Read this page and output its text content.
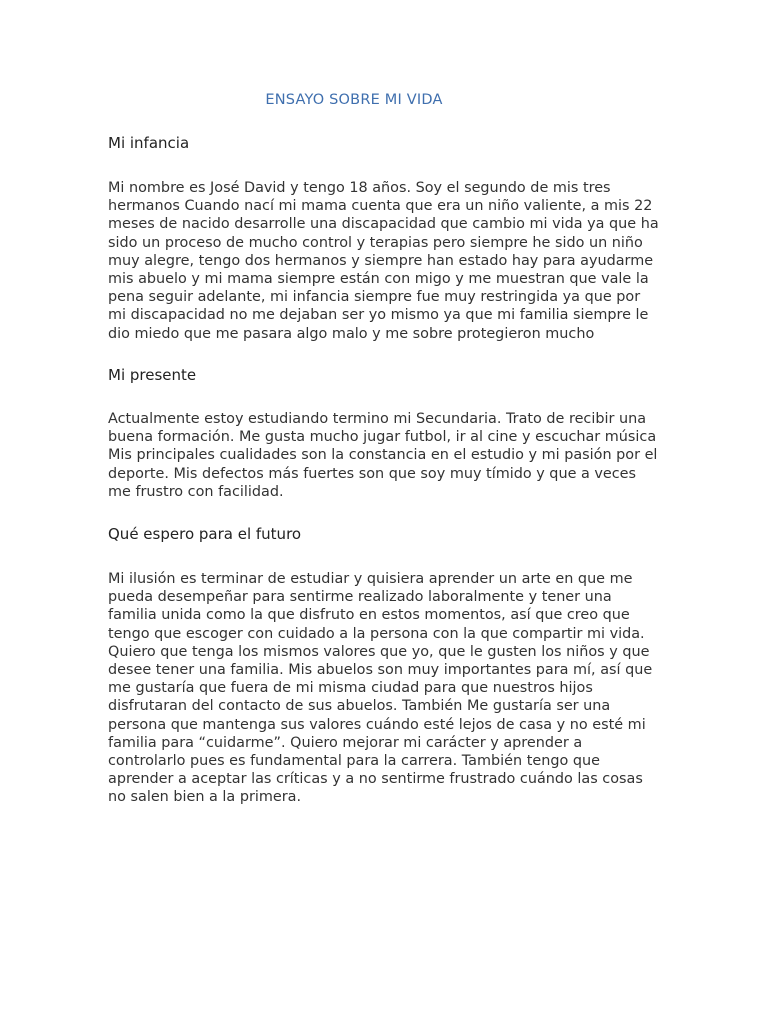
ENSAYO SOBRE MI VIDA
Mi infancia

Mi nombre es José David y tengo 18 años. Soy el segundo de mis tres
hermanos Cuando nací mi mama cuenta que era un niño valiente, a mis 22
meses de nacido desarrolle una discapacidad que cambio mi vida ya que ha
sido un proceso de mucho control y terapias pero siempre he sido un niño
muy alegre, tengo dos hermanos y siempre han estado hay para ayudarme
mis abuelo y mi mama siempre están con migo y me muestran que vale la
pena seguir adelante, mi infancia siempre fue muy restringida ya que por
mi discapacidad no me dejaban ser yo mismo ya que mi familia siempre le
dio miedo que me pasara algo malo y me sobre protegieron mucho

Mi presente

Actualmente estoy estudiando termino mi Secundaria. Trato de recibir una
buena formación. Me gusta mucho jugar futbol, ir al cine y escuchar música
Mis principales cualidades son la constancia en el estudio y mi pasión por el
deporte. Mis defectos más fuertes son que soy muy tímido y que a veces
me frustro con facilidad.

Qué espero para el futuro

Mi ilusión es terminar de estudiar y quisiera aprender un arte en que me
pueda desempeñar para sentirme realizado laboralmente y tener una
familia unida como la que disfruto en estos momentos, así que creo que
tengo que escoger con cuidado a la persona con la que compartir mi vida.
Quiero que tenga los mismos valores que yo, que le gusten los niños y que
desee tener una familia. Mis abuelos son muy importantes para mí, así que
me gustaría que fuera de mi misma ciudad para que nuestros hijos
disfrutaran del contacto de sus abuelos. También Me gustaría ser una
persona que mantenga sus valores cuándo esté lejos de casa y no esté mi
familia para “cuidarme”. Quiero mejorar mi carácter y aprender a
controlarlo pues es fundamental para la carrera. También tengo que
aprender a aceptar las críticas y a no sentirme frustrado cuándo las cosas
no salen bien a la primera.
